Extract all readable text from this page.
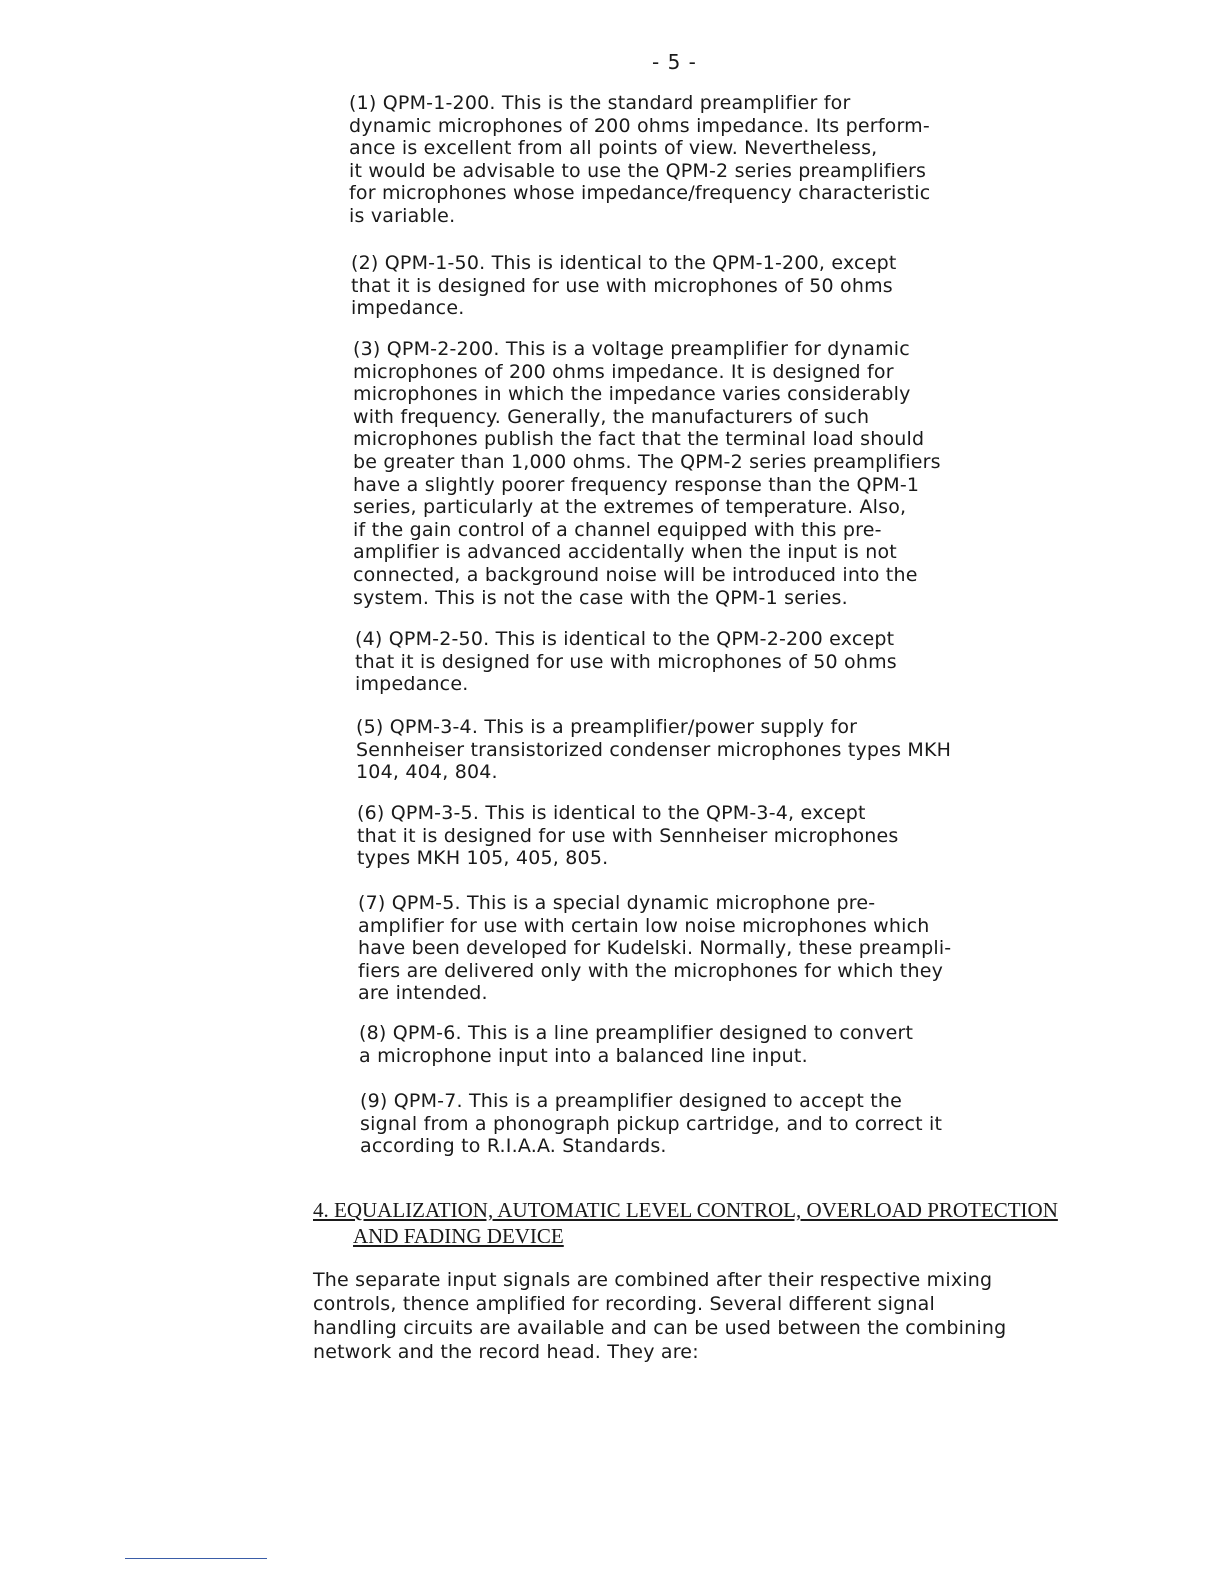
- 5 -
(1) QPM-1-200. This is the standard preamplifier for
dynamic microphones of 200 ohms impedance. Its perform-
ance is excellent from all points of view. Nevertheless,
it would be advisable to use the QPM-2 series preamplifiers
for microphones whose impedance/frequency characteristic
is variable.
(2) QPM-1-50. This is identical to the QPM-1-200, except
that it is designed for use with microphones of 50 ohms
impedance.
(3) QPM-2-200. This is a voltage preamplifier for dynamic
microphones of 200 ohms impedance. It is designed for
microphones in which the impedance varies considerably
with frequency. Generally, the manufacturers of such
microphones publish the fact that the terminal load should
be greater than 1,000 ohms. The QPM-2 series preamplifiers
have a slightly poorer frequency response than the QPM-1
series, particularly at the extremes of temperature. Also,
if the gain control of a channel equipped with this pre-
amplifier is advanced accidentally when the input is not
connected, a background noise will be introduced into the
system. This is not the case with the QPM-1 series.
(4) QPM-2-50. This is identical to the QPM-2-200 except
that it is designed for use with microphones of 50 ohms
impedance.
(5) QPM-3-4. This is a preamplifier/power supply for
Sennheiser transistorized condenser microphones types MKH
104, 404, 804.
(6) QPM-3-5. This is identical to the QPM-3-4, except
that it is designed for use with Sennheiser microphones
types MKH 105, 405, 805.
(7) QPM-5. This is a special dynamic microphone pre-
amplifier for use with certain low noise microphones which
have been developed for Kudelski. Normally, these preampli-
fiers are delivered only with the microphones for which they
are intended.
(8) QPM-6. This is a line preamplifier designed to convert
a microphone input into a balanced line input.
(9) QPM-7. This is a preamplifier designed to accept the
signal from a phonograph pickup cartridge, and to correct it
according to R.I.A.A. Standards.
4. EQUALIZATION, AUTOMATIC LEVEL CONTROL, OVERLOAD PROTECTION
AND FADING DEVICE
The separate input signals are combined after their respective mixing
controls, thence amplified for recording. Several different signal
handling circuits are available and can be used between the combining
network and the record head. They are:
